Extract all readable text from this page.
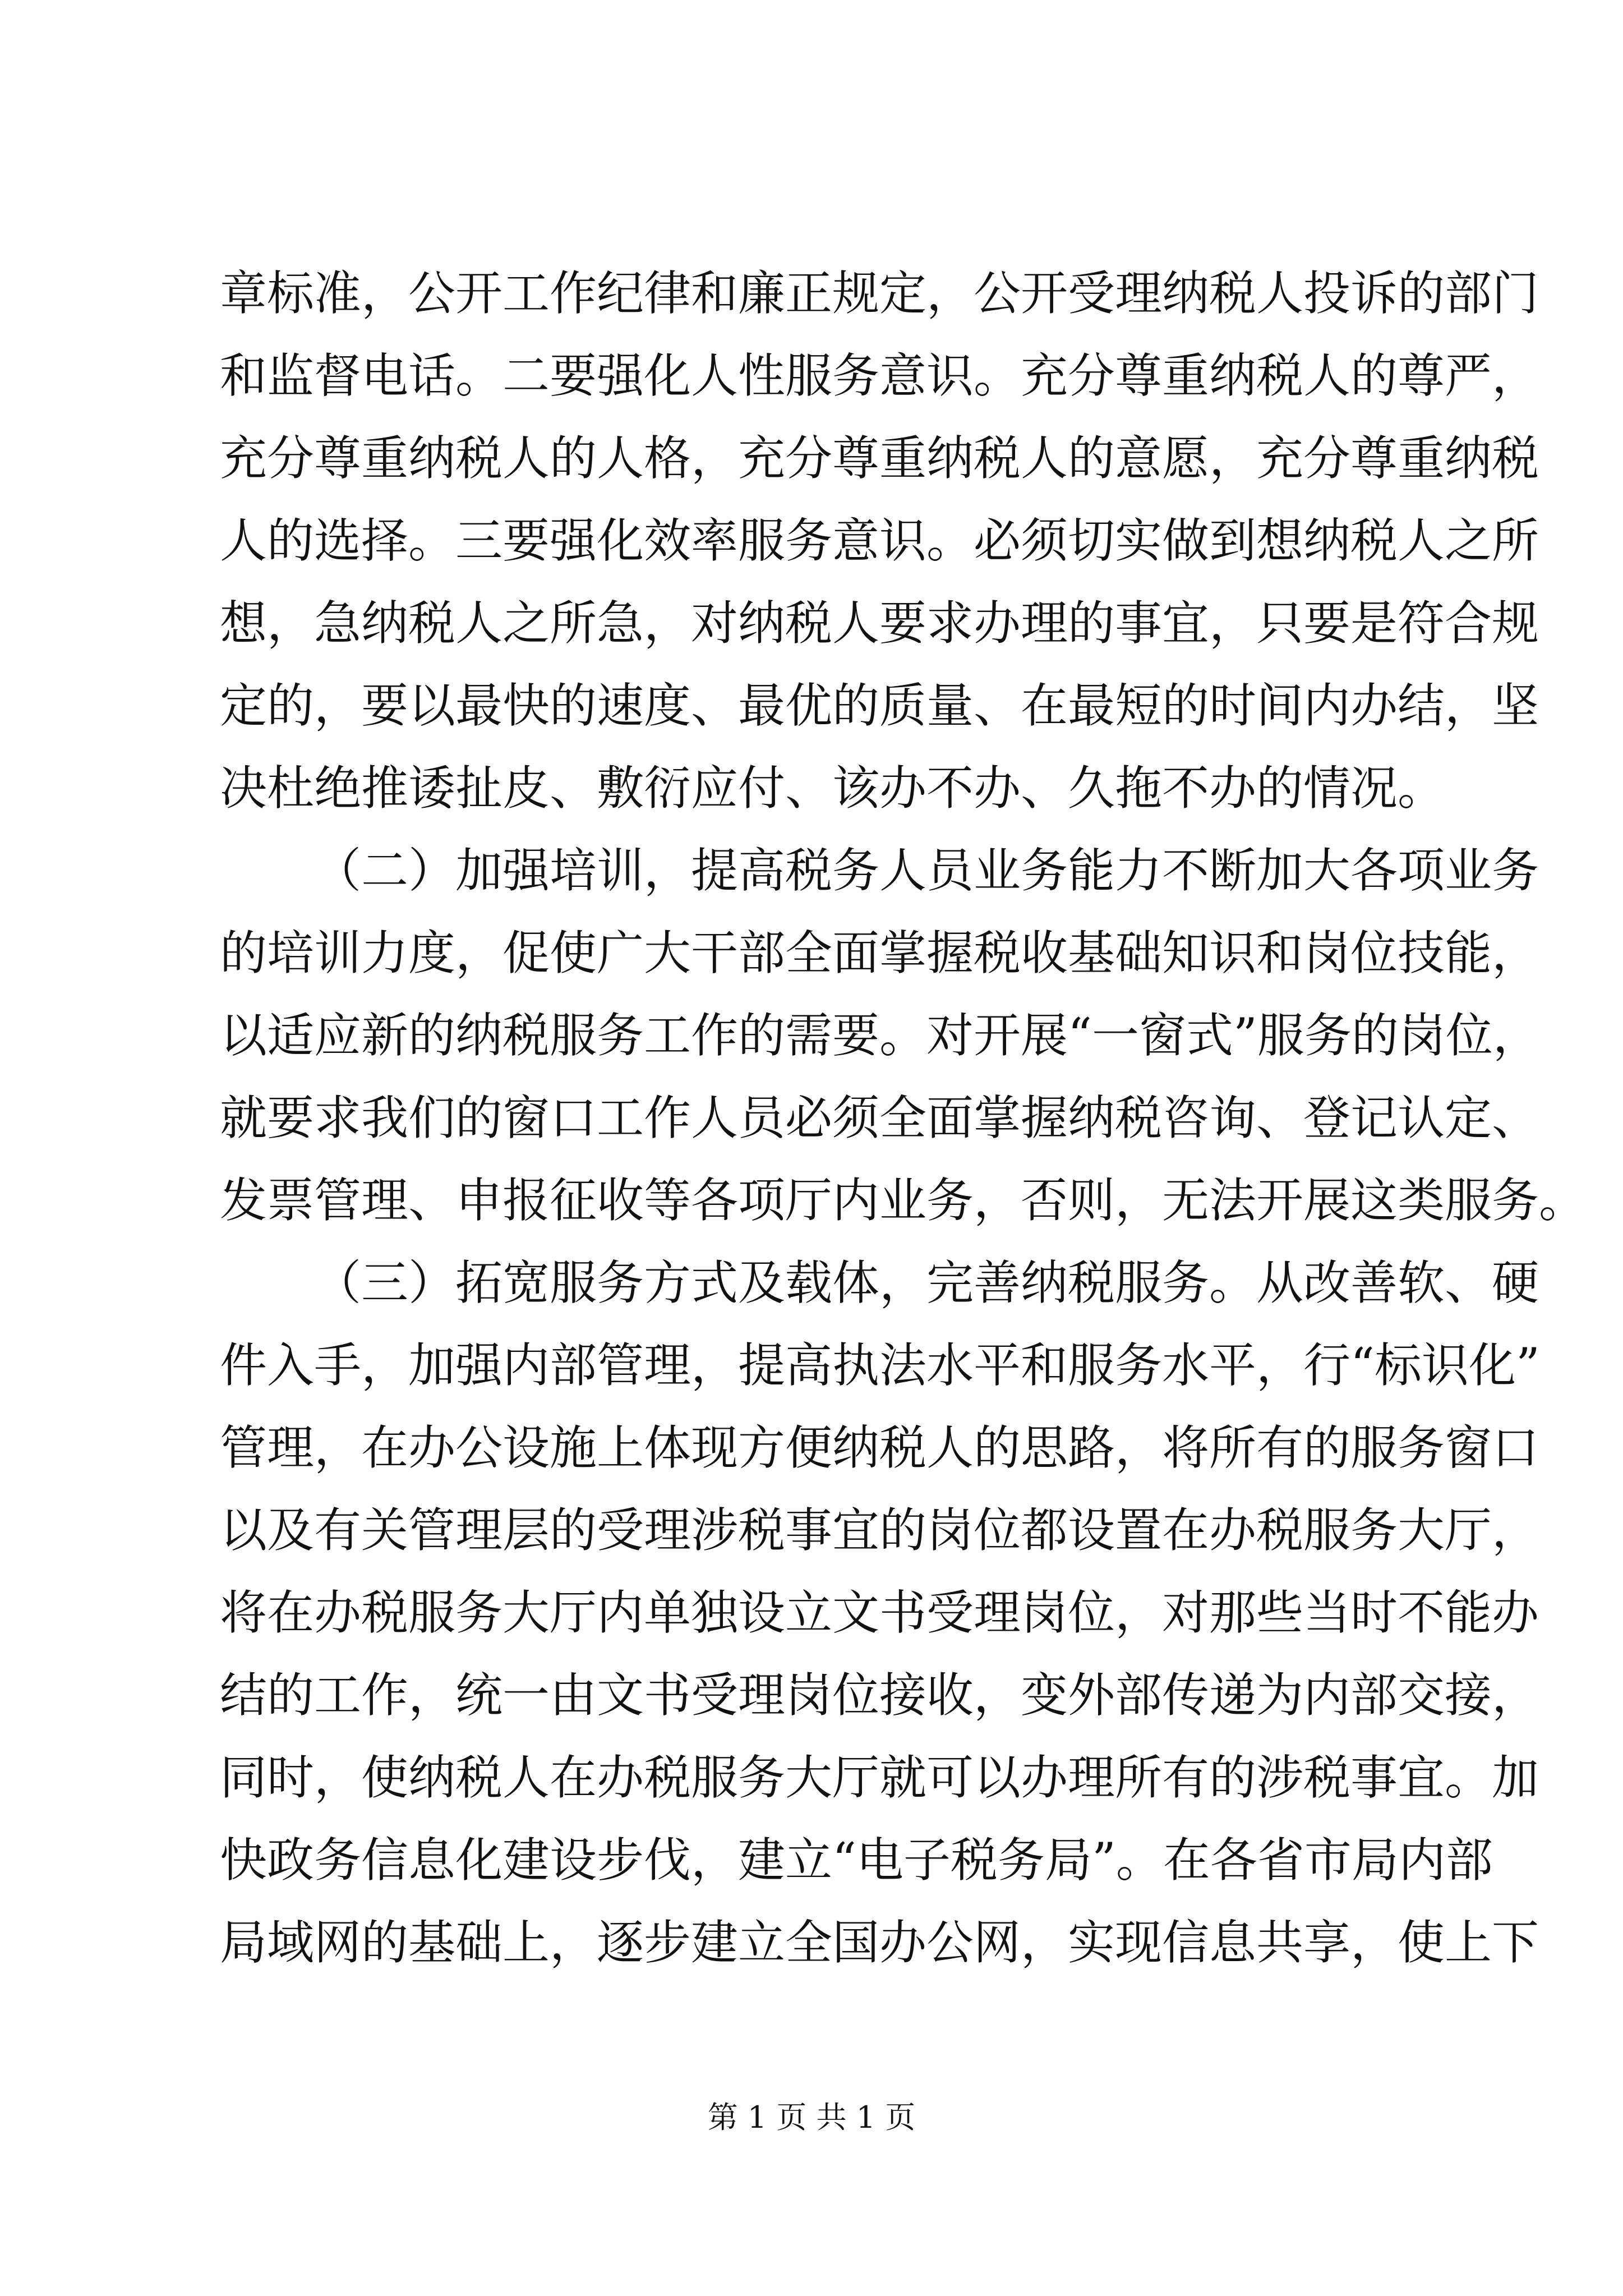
章标准，公开工作纪律和廉正规定，公开受理纳税人投诉的部门
和监督电话。二要强化人性服务意识。充分尊重纳税人的尊严，
充分尊重纳税人的人格，充分尊重纳税人的意愿，充分尊重纳税
人的选择。三要强化效率服务意识。必须切实做到想纳税人之所
想，急纳税人之所急，对纳税人要求办理的事宜，只要是符合规
定的，要以最快的速度、最优的质量、在最短的时间内办结，坚
决杜绝推诿扯皮、敷衍应付、该办不办、久拖不办的情况。
（二）加强培训，提高税务人员业务能力不断加大各项业务
的培训力度，促使广大干部全面掌握税收基础知识和岗位技能，
以适应新的纳税服务工作的需要。对开展“一窗式”服务的岗位，
就要求我们的窗口工作人员必须全面掌握纳税咨询、登记认定、
发票管理、申报征收等各项厅内业务，否则，无法开展这类服务。
（三）拓宽服务方式及载体，完善纳税服务。从改善软、硬
件入手，加强内部管理，提高执法水平和服务水平，行“标识化”
管理，在办公设施上体现方便纳税人的思路，将所有的服务窗口
以及有关管理层的受理涉税事宜的岗位都设置在办税服务大厅，
将在办税服务大厅内单独设立文书受理岗位，对那些当时不能办
结的工作，统一由文书受理岗位接收，变外部传递为内部交接，
同时，使纳税人在办税服务大厅就可以办理所有的涉税事宜。加
快政务信息化建设步伐，建立“电子税务局”。在各省市局内部
局域网的基础上，逐步建立全国办公网，实现信息共享，使上下
第 1 页 共 1 页
